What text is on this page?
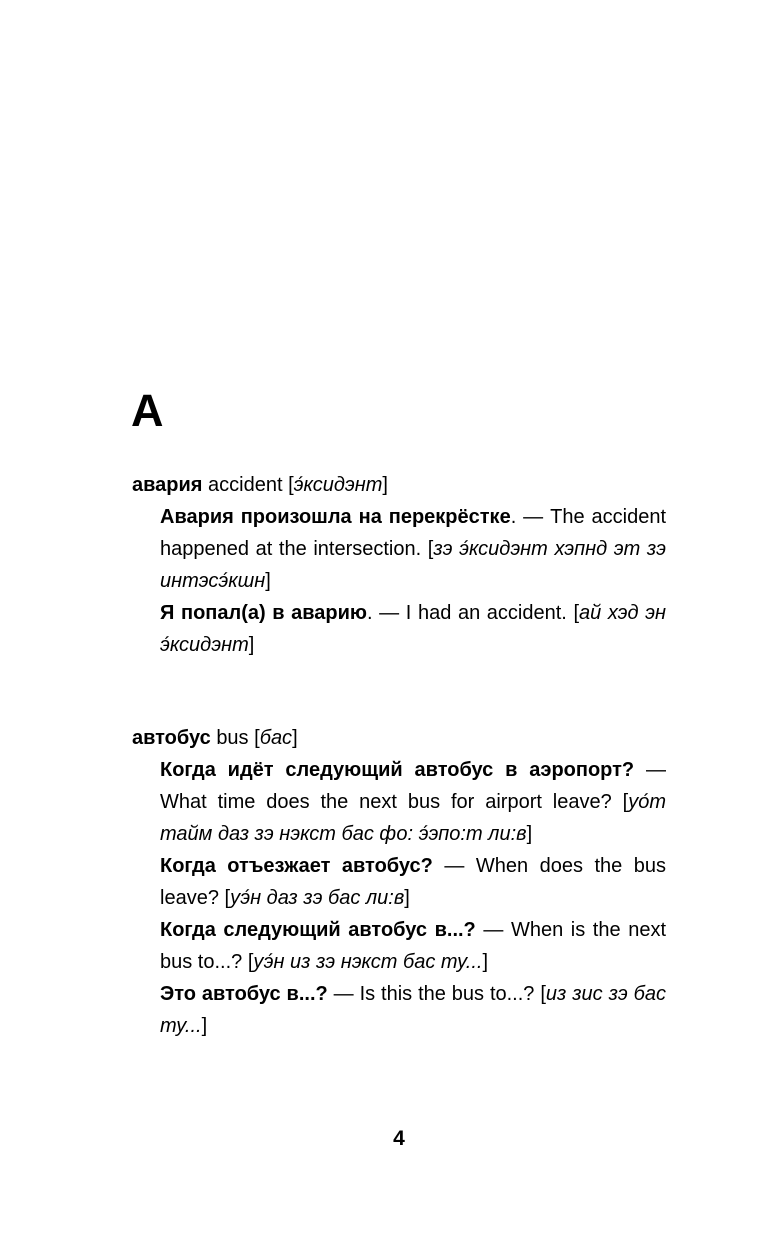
А

авария accident [э́ксидэнт]

Авария произошла на перекрёстке. — The accident happened at the intersection. [зэ э́ксидэнт хэпнд эт зэ интэсэ́кшн]

Я попал(а) в аварию. — I had an accident. [ай хэд эн э́ксидэнт]

автобус bus [бас]

Когда идёт следующий автобус в аэропорт? — What time does the next bus for airport leave? [уо́т тайм даз зэ нэкст бас фо: э́эпо:т ли:в]

Когда отъезжает автобус? — When does the bus leave? [уэ́н даз зэ бас ли:в]

Когда следующий автобус в...? — When is the next bus to...? [уэ́н из зэ нэкст бас ту...]

Это автобус в...? — Is this the bus to...? [из зис зэ бас ту...]

4
